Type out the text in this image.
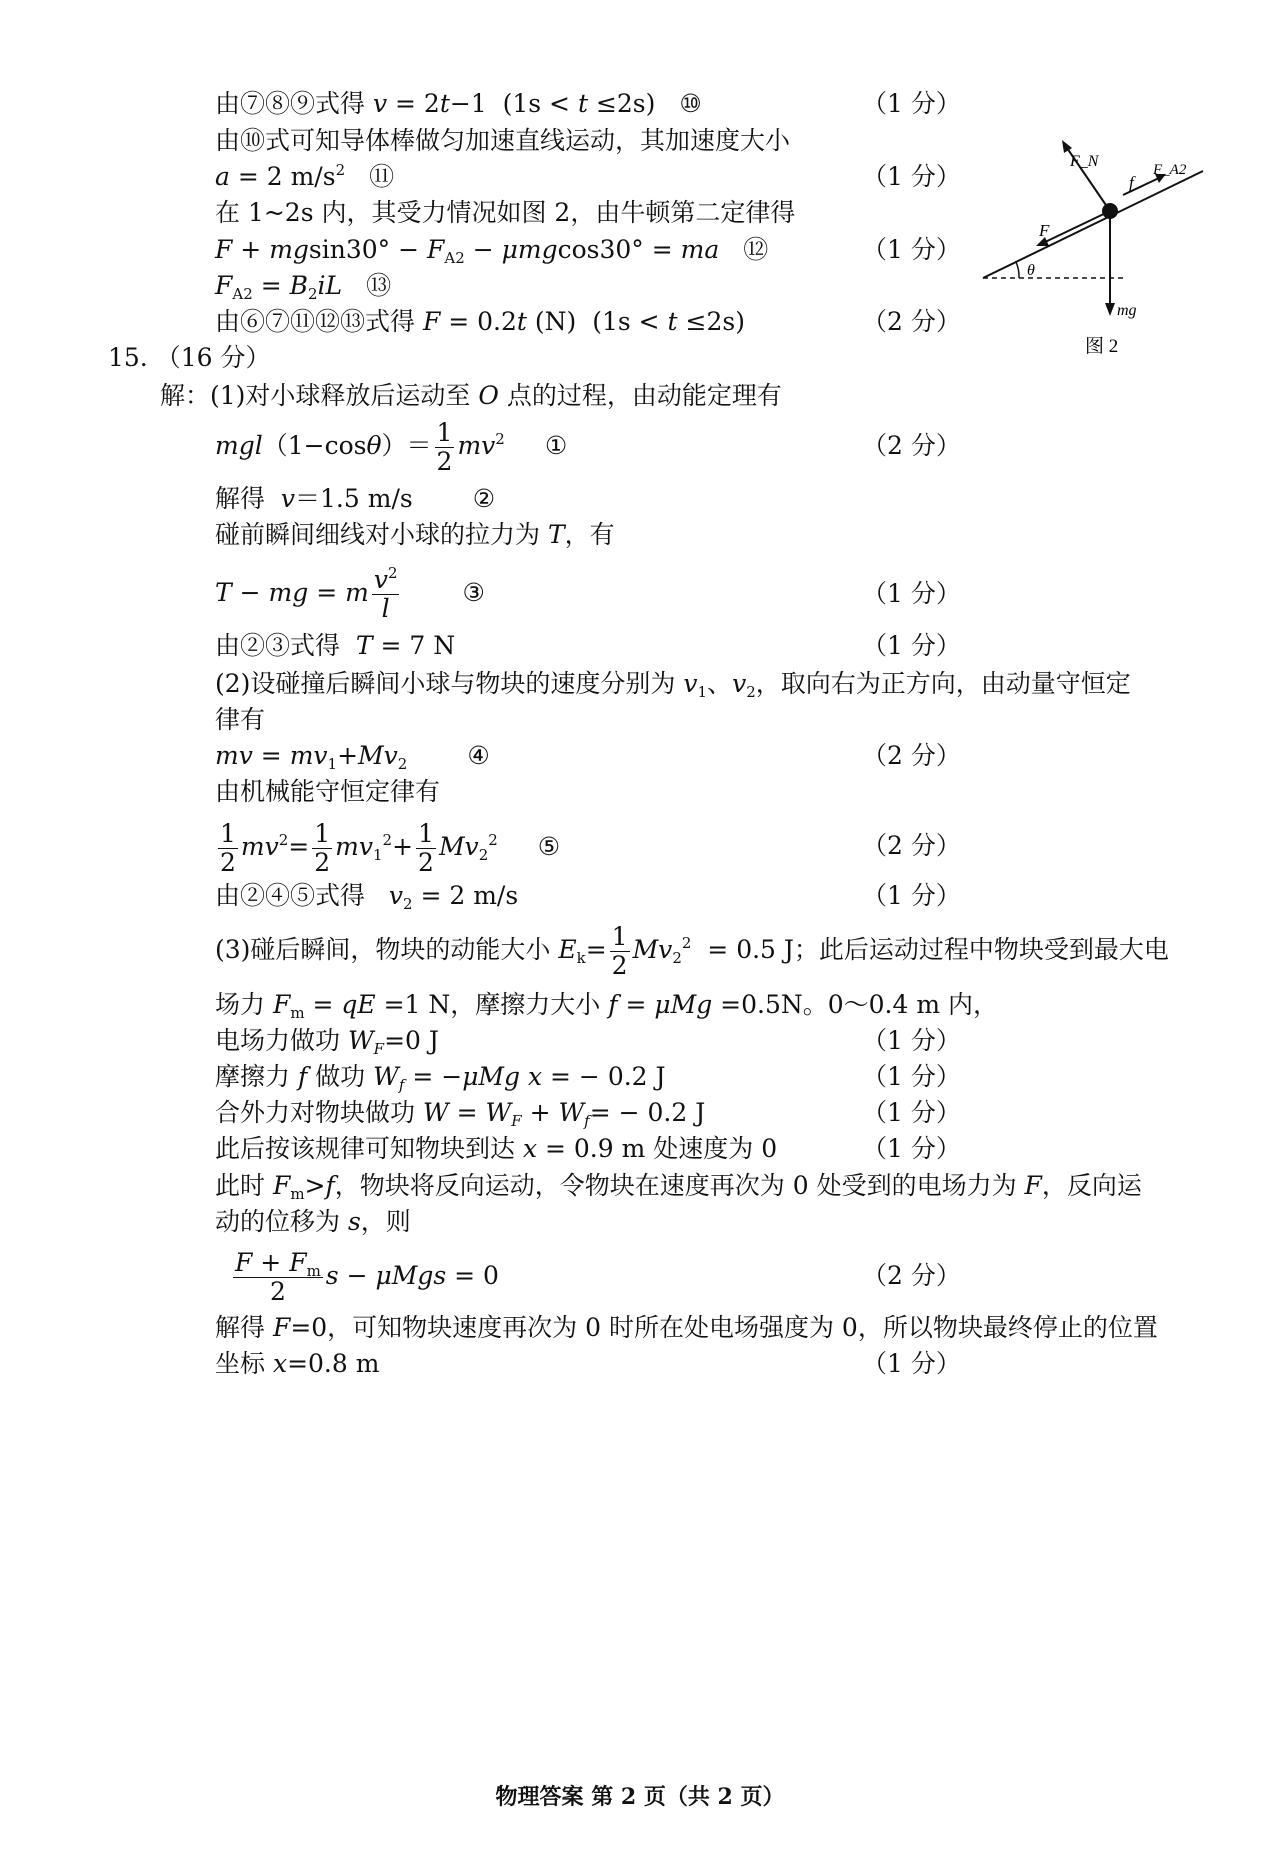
由⑦⑧⑨式得 v = 2t−1  (1s < t ≤2s) ⑩	（1 分）
由⑩式可知导体棒做匀加速直线运动，其加速度大小
a = 2 $m/s^2$ ⑪	（1 分）
在 1~2s 内，其受力情况如图 2，由牛顿第二定律得
$F + mgsin30^\circ - F_{A2} - \mu mgcos30^\circ$ = ma ⑫	（1 分）
$F_{A2} = B_2iL$ ⑬
由⑥⑦⑪⑫⑬式得 F = 0.2t (N)  (1s < t ≤2s)	（2 分）
F_N	F_A2
f
F
θ
mg
图 2
15. （16 分）
解：(1)对小球释放后运动至 O 点的过程，由动能定理有
$mgl(1-\cos\theta)= \frac{1}{2} mv^2$ ①	（2 分）
解得  v＝1.5 m/s ②
碰前瞬间细线对小球的拉力为 T，有
T − mg = m $\frac{v^2}{l}$	③	（1 分）
由②③式得  T = 7 N	（1 分）
(2)设碰撞后瞬间小球与物块的速度分别为 $v_1$、$v_2$，取向右为正方向，由动量守恒定
律有
mv = $mv_1+Mv_2$ ④	（2 分）
由机械能守恒定律有
$\frac{1}{2} mv^2= \frac{1}{2} mv_1^2+ \frac{1}{2} Mv_2^2$ ⑤	（2 分）
由②④⑤式得   $v_2 = 2$ m/s	（1 分）
(3)碰后瞬间，物块的动能大小 $E_k= \frac{1}{2} Mv_2^2 = 0.5$ J；此后运动过程中物块受到最大电
场力 $F_m$ = qE =1 N，摩擦力大小 f = μMg =0.5N。0～0.4 m 内，
电场力做功 $W_F=0$ J	（1 分）
摩擦力 f 做功 $W_f = -\mu Mg$ x = − 0.2 J	（1 分）
合外力对物块做功 $W = W_F + W_f= - 0.2$ J	（1 分）
此后按该规律可知物块到达 x = 0.9 m 处速度为 0	（1 分）
此时 $F_m>f$，物块将反向运动，令物块在速度再次为 0 处受到的电场力为 F，反向运
动的位移为 s，则
$\frac{F + F_m}{2}$ s − μMgs = 0	（2 分）
解得 F=0，可知物块速度再次为 0 时所在处电场强度为 0，所以物块最终停止的位置
坐标 x=0.8 m	（1 分）
物理答案 第 2 页（共 2 页）
